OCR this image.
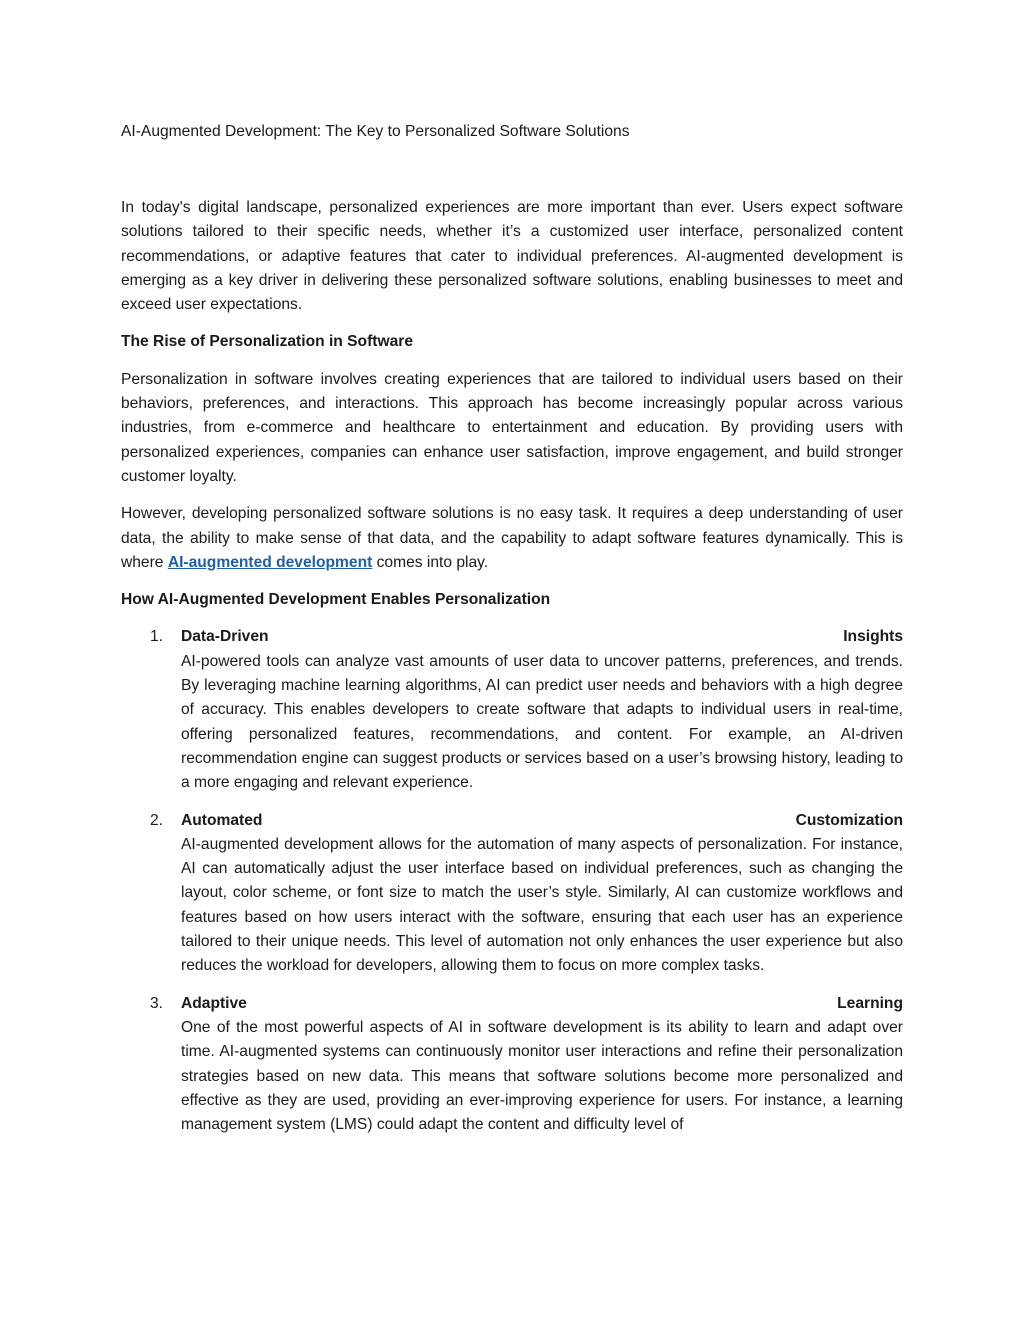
AI-Augmented Development: The Key to Personalized Software Solutions

In today's digital landscape, personalized experiences are more important than ever. Users expect software solutions tailored to their specific needs, whether it’s a customized user interface, personalized content recommendations, or adaptive features that cater to individual preferences. AI-augmented development is emerging as a key driver in delivering these personalized software solutions, enabling businesses to meet and exceed user expectations.

The Rise of Personalization in Software

Personalization in software involves creating experiences that are tailored to individual users based on their behaviors, preferences, and interactions. This approach has become increasingly popular across various industries, from e-commerce and healthcare to entertainment and education. By providing users with personalized experiences, companies can enhance user satisfaction, improve engagement, and build stronger customer loyalty.

However, developing personalized software solutions is no easy task. It requires a deep understanding of user data, the ability to make sense of that data, and the capability to adapt software features dynamically. This is where AI-augmented development comes into play.

How AI-Augmented Development Enables Personalization
1. Data-Driven	Insights

AI-powered tools can analyze vast amounts of user data to uncover patterns, preferences, and trends. By leveraging machine learning algorithms, AI can predict user needs and behaviors with a high degree of accuracy. This enables developers to create software that adapts to individual users in real-time, offering personalized features, recommendations, and content. For example, an AI-driven recommendation engine can suggest products or services based on a user’s browsing history, leading to a more engaging and relevant experience.

2. Automated	Customization

AI-augmented development allows for the automation of many aspects of personalization. For instance, AI can automatically adjust the user interface based on individual preferences, such as changing the layout, color scheme, or font size to match the user’s style. Similarly, AI can customize workflows and features based on how users interact with the software, ensuring that each user has an experience tailored to their unique needs. This level of automation not only enhances the user experience but also reduces the workload for developers, allowing them to focus on more complex tasks.

3. Adaptive	Learning

One of the most powerful aspects of AI in software development is its ability to learn and adapt over time. AI-augmented systems can continuously monitor user interactions and refine their personalization strategies based on new data. This means that software solutions become more personalized and effective as they are used, providing an ever-improving experience for users. For instance, a learning management system (LMS) could adapt the content and difficulty level of
